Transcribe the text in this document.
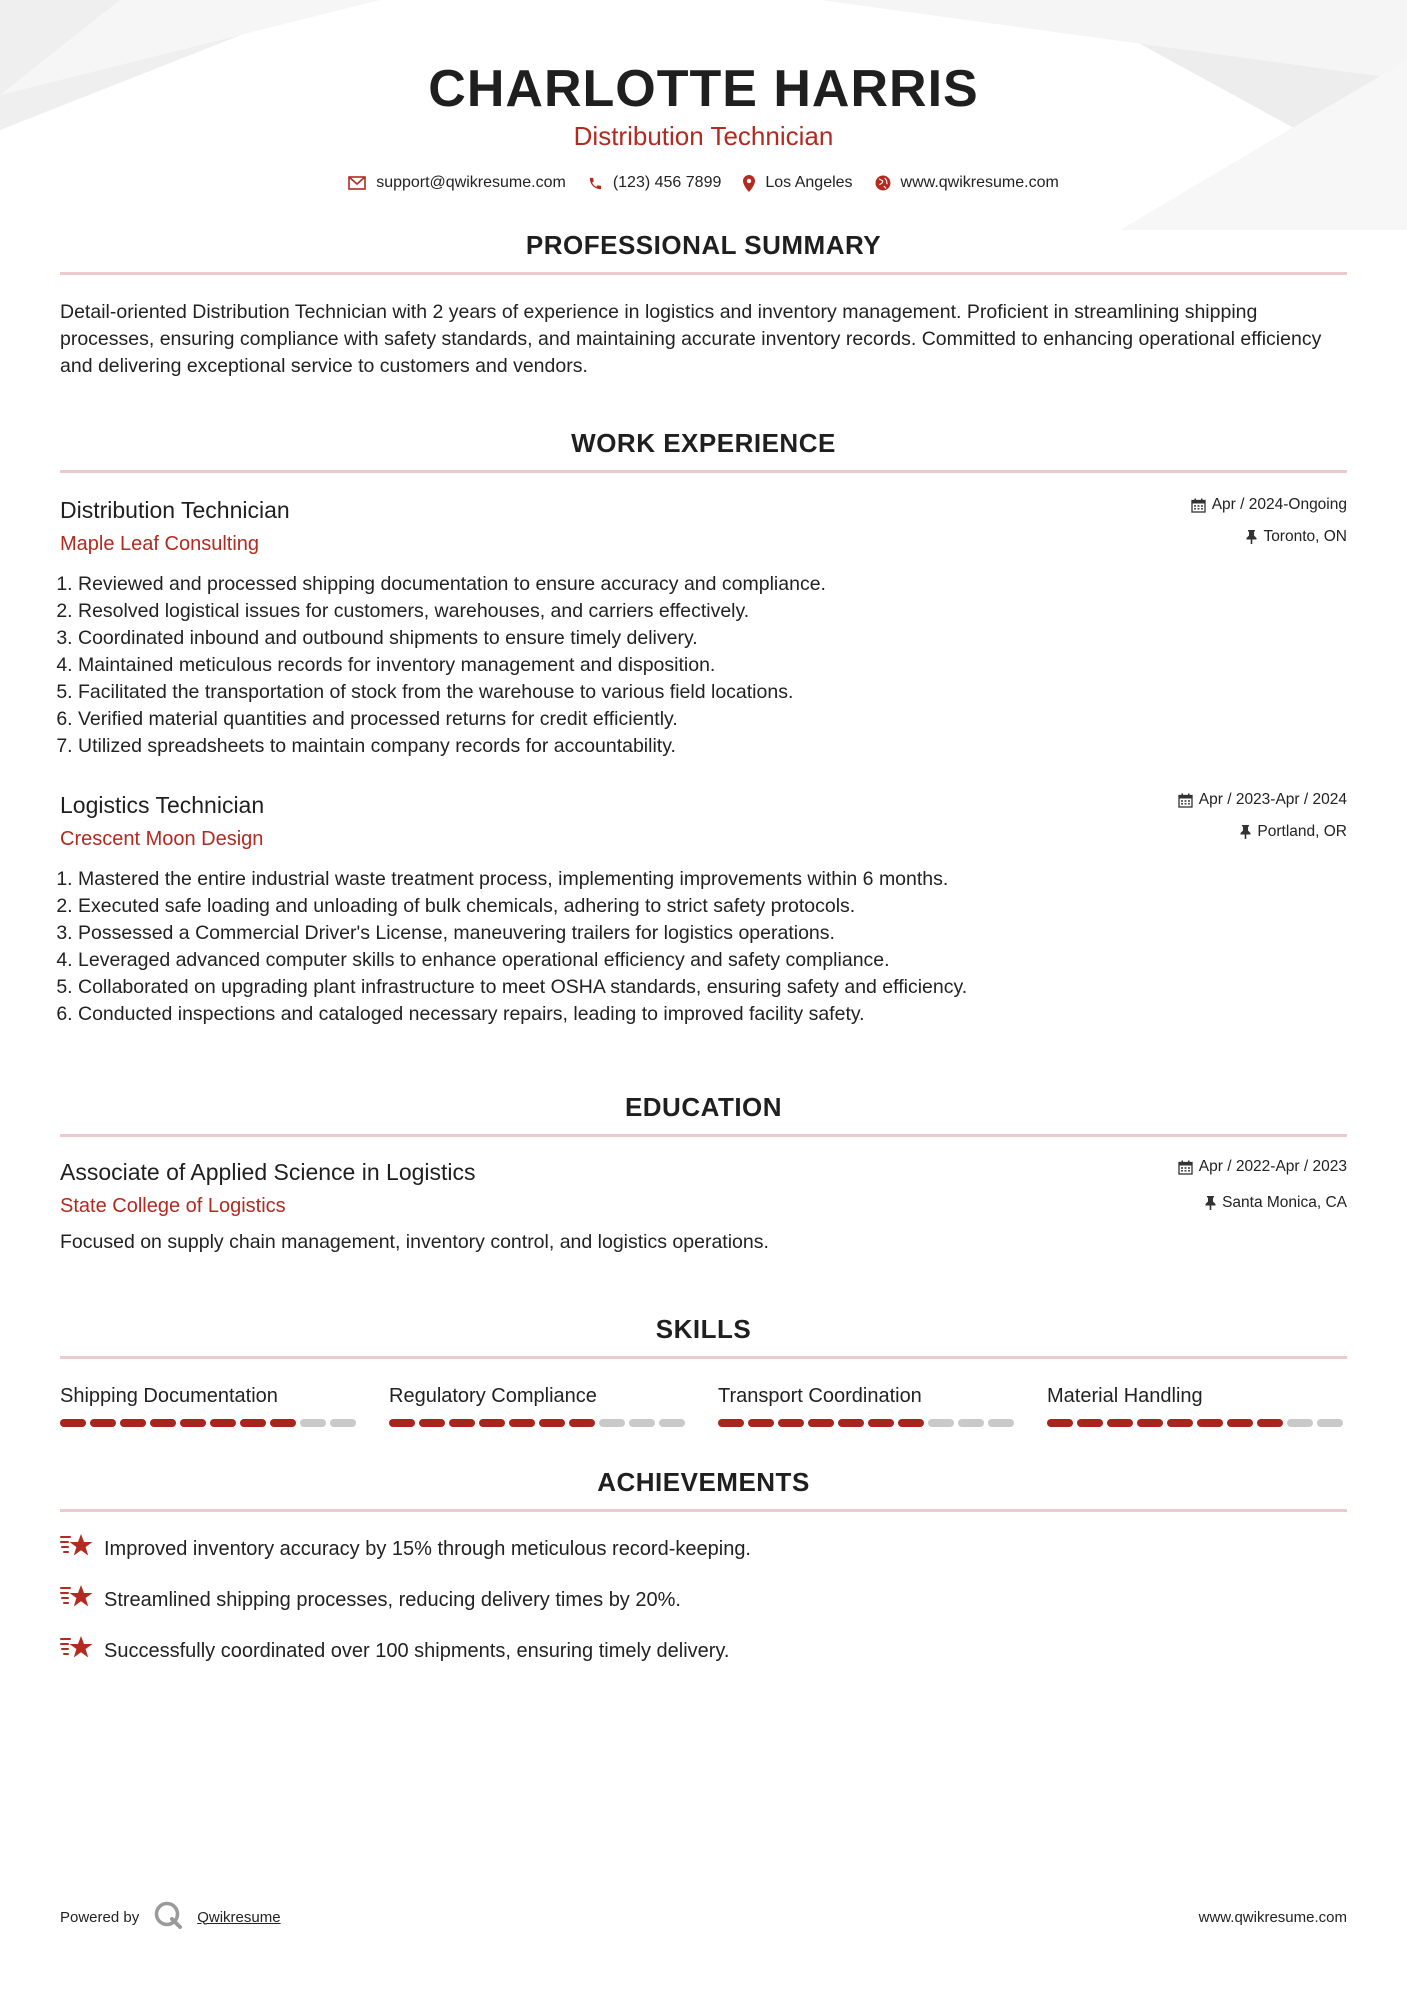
CHARLOTTE HARRIS
Distribution Technician
support@qwikresume.com	(123) 456 7899	Los Angeles	www.qwikresume.com
PROFESSIONAL SUMMARY
Detail-oriented Distribution Technician with 2 years of experience in logistics and inventory management. Proficient in streamlining shipping processes, ensuring compliance with safety standards, and maintaining accurate inventory records. Committed to enhancing operational efficiency and delivering exceptional service to customers and vendors.
WORK EXPERIENCE
Distribution Technician
Maple Leaf Consulting
Apr / 2024-Ongoing
Toronto, ON
1. Reviewed and processed shipping documentation to ensure accuracy and compliance.
2. Resolved logistical issues for customers, warehouses, and carriers effectively.
3. Coordinated inbound and outbound shipments to ensure timely delivery.
4. Maintained meticulous records for inventory management and disposition.
5. Facilitated the transportation of stock from the warehouse to various field locations.
6. Verified material quantities and processed returns for credit efficiently.
7. Utilized spreadsheets to maintain company records for accountability.
Logistics Technician
Crescent Moon Design
Apr / 2023-Apr / 2024
Portland, OR
1. Mastered the entire industrial waste treatment process, implementing improvements within 6 months.
2. Executed safe loading and unloading of bulk chemicals, adhering to strict safety protocols.
3. Possessed a Commercial Driver's License, maneuvering trailers for logistics operations.
4. Leveraged advanced computer skills to enhance operational efficiency and safety compliance.
5. Collaborated on upgrading plant infrastructure to meet OSHA standards, ensuring safety and efficiency.
6. Conducted inspections and cataloged necessary repairs, leading to improved facility safety.
EDUCATION
Associate of Applied Science in Logistics
State College of Logistics
Apr / 2022-Apr / 2023
Santa Monica, CA
Focused on supply chain management, inventory control, and logistics operations.
SKILLS
Shipping Documentation	Regulatory Compliance	Transport Coordination	Material Handling
ACHIEVEMENTS
Improved inventory accuracy by 15% through meticulous record-keeping.
Streamlined shipping processes, reducing delivery times by 20%.
Successfully coordinated over 100 shipments, ensuring timely delivery.
Powered by	Qwikresume	www.qwikresume.com
